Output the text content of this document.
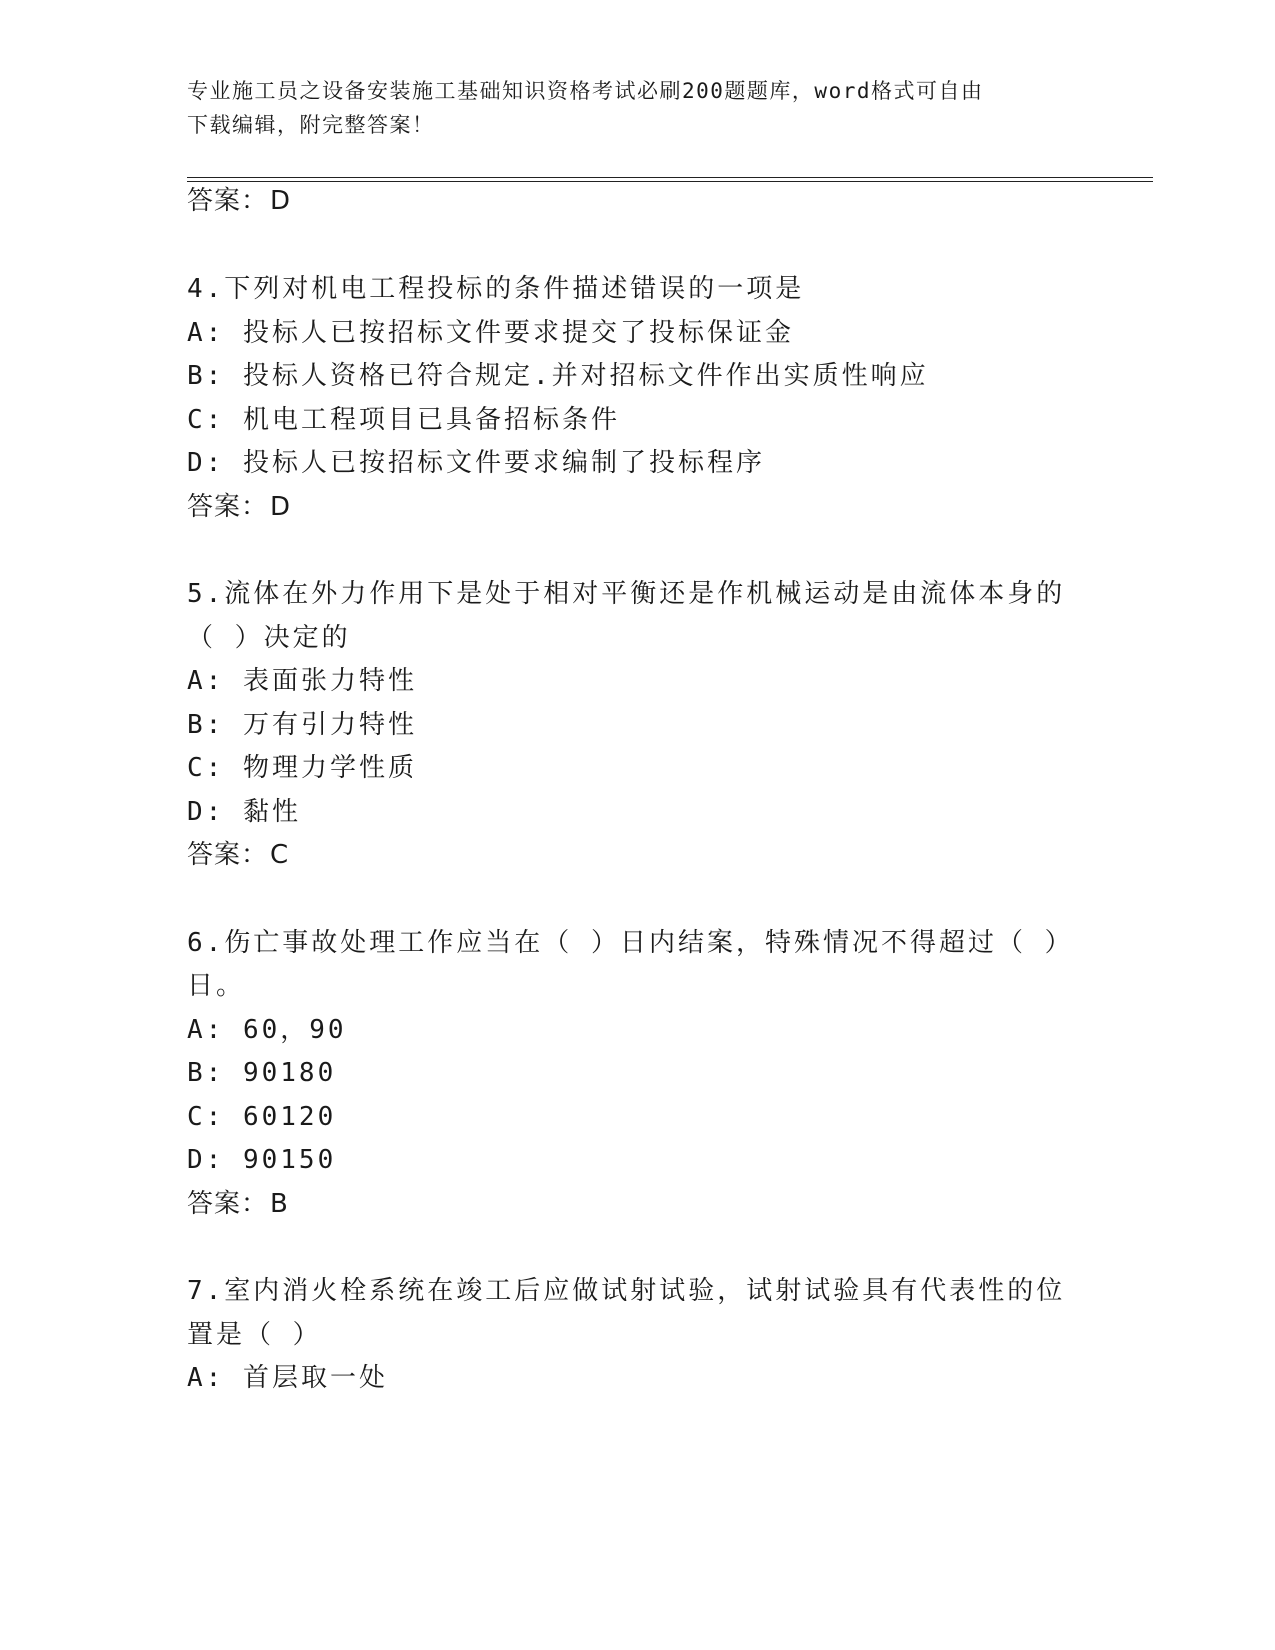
专业施工员之设备安装施工基础知识资格考试必刷200题题库，word格式可自由
下载编辑，附完整答案！
答案：D
4.下列对机电工程投标的条件描述错误的一项是
A: 投标人已按招标文件要求提交了投标保证金
B: 投标人资格已符合规定.并对招标文件作出实质性响应
C: 机电工程项目已具备招标条件
D: 投标人已按招标文件要求编制了投标程序
答案：D
5.流体在外力作用下是处于相对平衡还是作机械运动是由流体本身的
（ ）决定的
A: 表面张力特性
B: 万有引力特性
C: 物理力学性质
D: 黏性
答案：C
6.伤亡事故处理工作应当在（ ）日内结案，特殊情况不得超过（ ）
日。
A: 60，90
B: 90180
C: 60120
D: 90150
答案：B
7.室内消火栓系统在竣工后应做试射试验，试射试验具有代表性的位
置是（ ）
A: 首层取一处
